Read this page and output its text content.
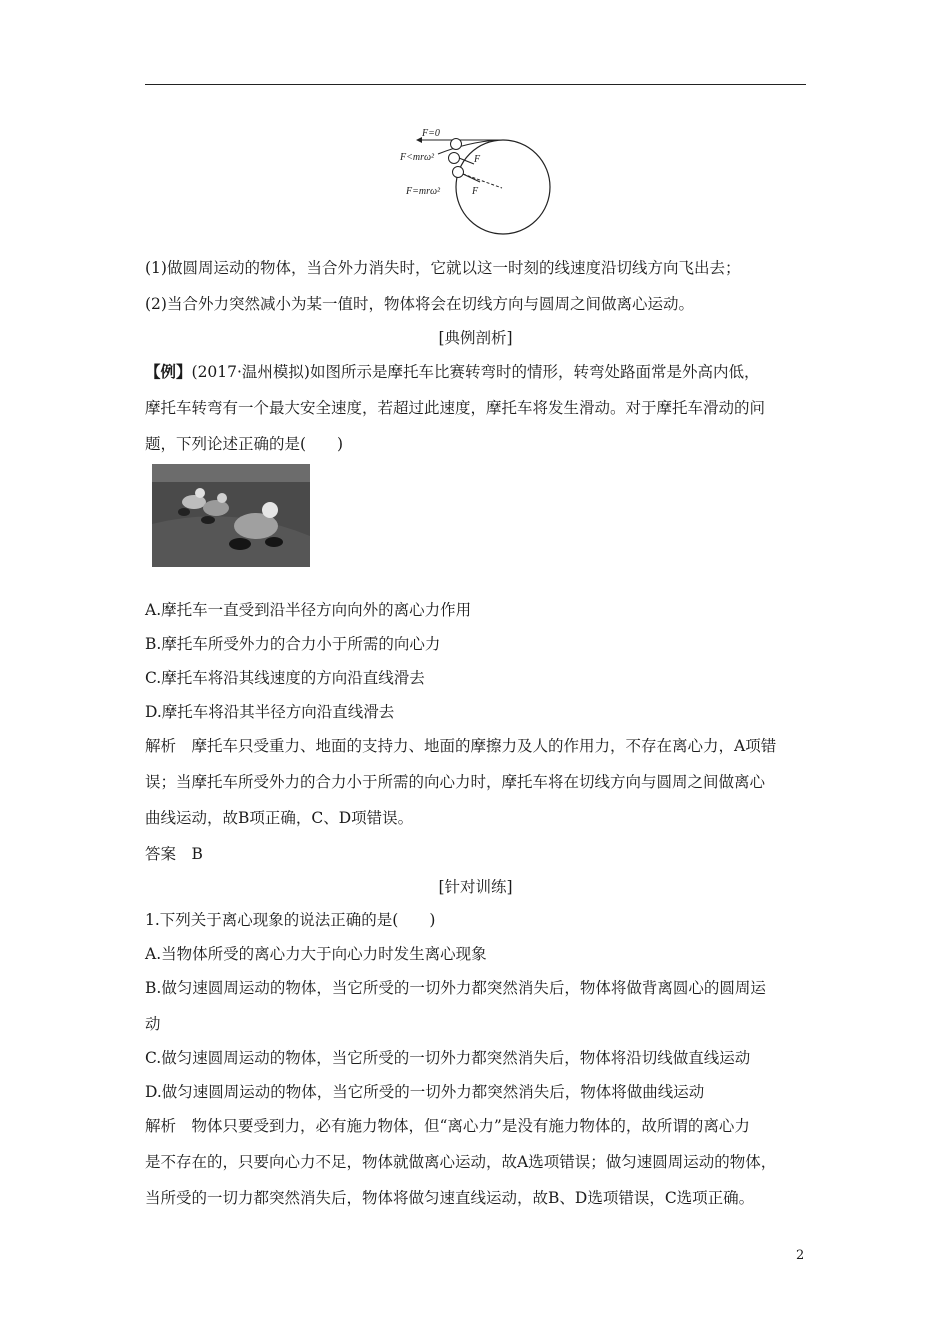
F=0
F<mrω²	F
F=mrω²	F
(1)做圆周运动的物体，当合外力消失时，它就以这一时刻的线速度沿切线方向飞出去；
(2)当合外力突然减小为某一值时，物体将会在切线方向与圆周之间做离心运动。
[典例剖析]
【例】(2017·温州模拟)如图所示是摩托车比赛转弯时的情形，转弯处路面常是外高内低，
摩托车转弯有一个最大安全速度，若超过此速度，摩托车将发生滑动。对于摩托车滑动的问
题，下列论述正确的是(　　)
A.摩托车一直受到沿半径方向向外的离心力作用
B.摩托车所受外力的合力小于所需的向心力
C.摩托车将沿其线速度的方向沿直线滑去
D.摩托车将沿其半径方向沿直线滑去
解析　摩托车只受重力、地面的支持力、地面的摩擦力及人的作用力，不存在离心力，A项错
误；当摩托车所受外力的合力小于所需的向心力时，摩托车将在切线方向与圆周之间做离心
曲线运动，故B项正确，C、D项错误。
答案　B
[针对训练]
1.下列关于离心现象的说法正确的是(　　)
A.当物体所受的离心力大于向心力时发生离心现象
B.做匀速圆周运动的物体，当它所受的一切外力都突然消失后，物体将做背离圆心的圆周运
动
C.做匀速圆周运动的物体，当它所受的一切外力都突然消失后，物体将沿切线做直线运动
D.做匀速圆周运动的物体，当它所受的一切外力都突然消失后，物体将做曲线运动
解析　物体只要受到力，必有施力物体，但“离心力”是没有施力物体的，故所谓的离心力
是不存在的，只要向心力不足，物体就做离心运动，故A选项错误；做匀速圆周运动的物体，
当所受的一切力都突然消失后，物体将做匀速直线运动，故B、D选项错误，C选项正确。
2
